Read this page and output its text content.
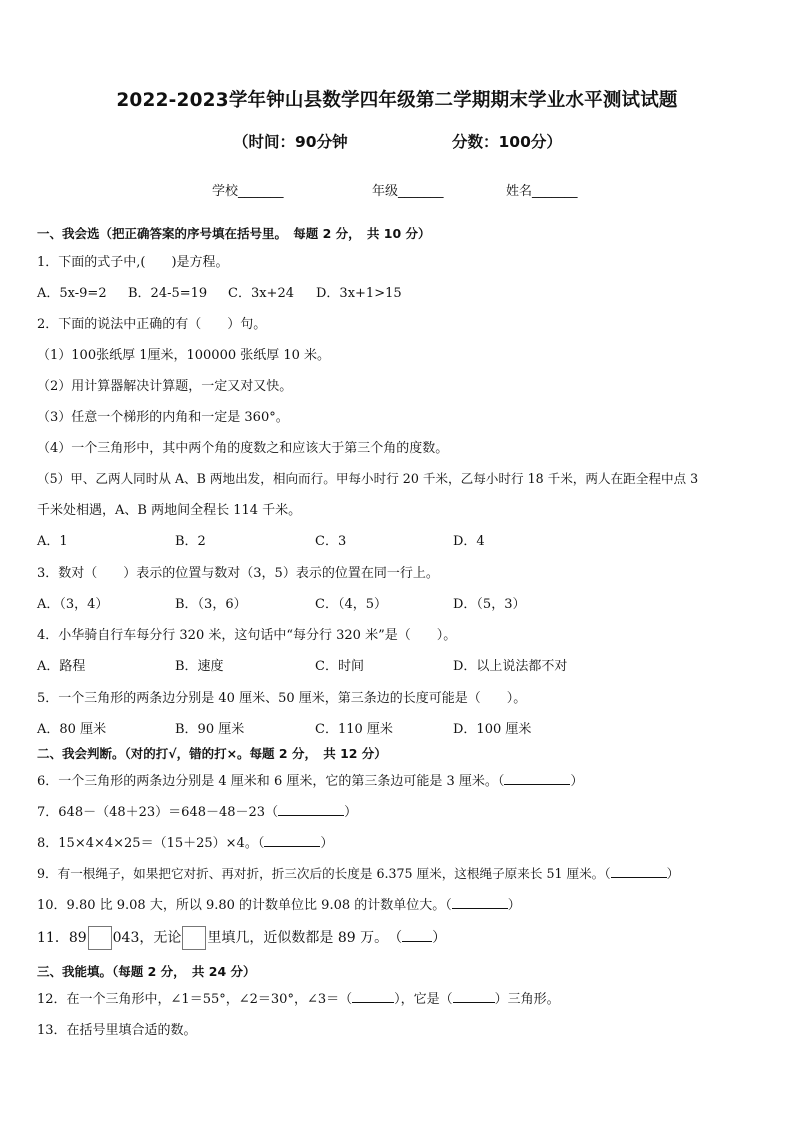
2022-2023学年钟山县数学四年级第二学期期末学业水平测试试题
（时间：90分钟	分数：100分）
学校_______	年级_______	姓名_______
一、我会选（把正确答案的序号填在括号里。　每题 2 分，　共 10 分）
1．下面的式子中,(　　)是方程。
A．5x-9=2 B．24-5=19 C．3x+24 D．3x+1>15
2．下面的说法中正确的有（　　）句。
（1）100张纸厚 1厘米，100000 张纸厚 10 米。
（2）用计算器解决计算题，一定又对又快。
（3）任意一个梯形的内角和一定是 360°。
（4）一个三角形中，其中两个角的度数之和应该大于第三个角的度数。
（5）甲、乙两人同时从 A、B 两地出发，相向而行。甲每小时行 20 千米，乙每小时行 18 千米，两人在距全程中点 3
千米处相遇，A、B 两地间全程长 114 千米。
A．1	B．2	C．3	D．4
3．数对（　　）表示的位置与数对（3，5）表示的位置在同一行上。
A．（3，4）	B．（3，6）	C．（4，5）	D．（5，3）
4．小华骑自行车每分行 320 米，这句话中“每分行 320 米”是（　　）。
A．路程	B．速度	C．时间	D．以上说法都不对
5．一个三角形的两条边分别是 40 厘米、50 厘米，第三条边的长度可能是（　　）。
A．80 厘米	B．90 厘米	C．110 厘米	D．100 厘米
二、我会判断。（对的打√，错的打×。每题 2 分，　共 12 分）
6．一个三角形的两条边分别是 4 厘米和 6 厘米，它的第三条边可能是 3 厘米。（	）
7．648－（48＋23）＝648－48－23（	）
8．15×4×4×25＝（15＋25）×4。（	）
9．有一根绳子，如果把它对折、再对折，折三次后的长度是 6.375 厘米，这根绳子原来长 51 厘米。（	）
10．9.80 比 9.08 大，所以 9.80 的计数单位比 9.08 的计数单位大。（	）
11．89 043，无论 里填几，近似数都是 89 万。　（ ）
三、我能填。（每题 2 分，　共 24 分）
12．在一个三角形中，∠1＝55°，∠2＝30°，∠3＝（	），它是（	）三角形。
13．在括号里填合适的数。
